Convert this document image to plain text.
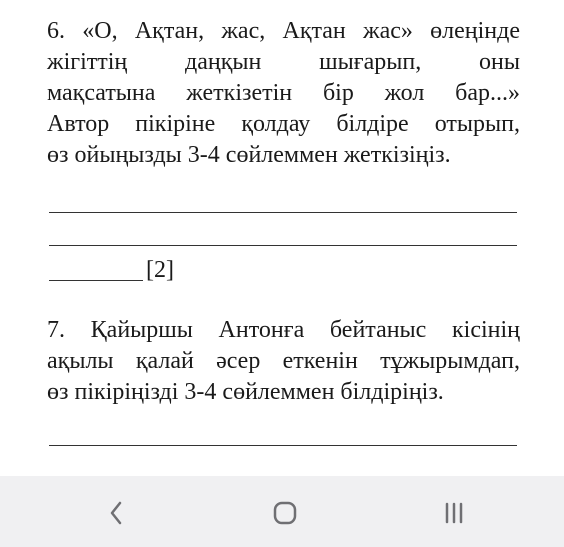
6. «О, Ақтан, жас, Ақтан жас» өлеңінде
жігіттің даңқын шығарып, оны
мақсатына жеткізетін бір жол бар...»
Автор пікіріне қолдау білдіре отырып,
өз ойыңызды 3-4 сөйлеммен жеткізіңіз.
[2]
7. Қайыршы Антонға бейтаныс кісінің
ақылы қалай әсер еткенін тұжырымдап,
өз пікіріңізді 3-4 сөйлеммен білдіріңіз.
